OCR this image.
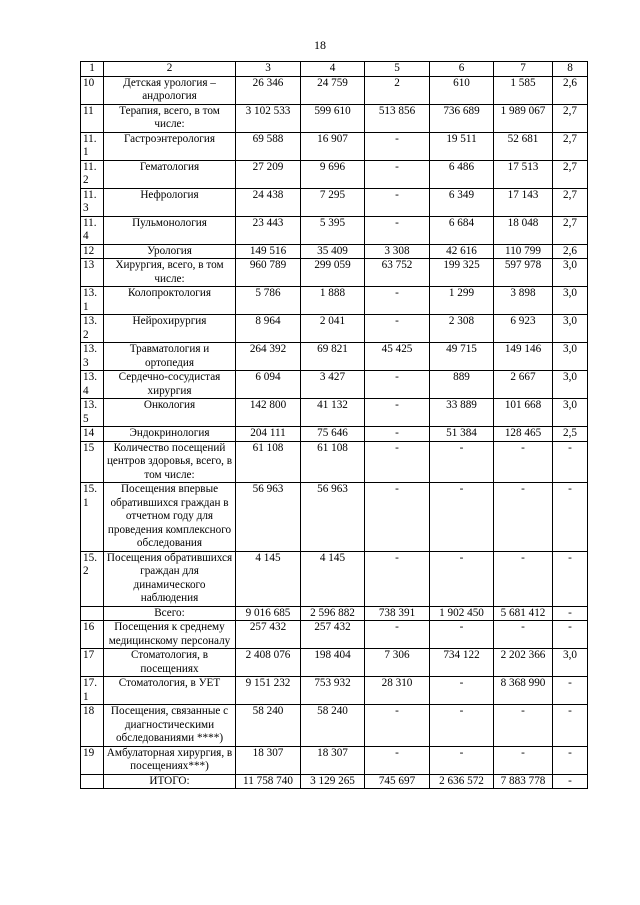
18
1	2	3	4	5	6	7	8
10	Детская урология – андрология	26 346	24 759	2	610	1 585	2,6
11	Терапия, всего, в том числе:	3 102 533	599 610	513 856	736 689	1 989 067	2,7
11.1	Гастроэнтерология	69 588	16 907	-	19 511	52 681	2,7
11.2	Гематология	27 209	9 696	-	6 486	17 513	2,7
11.3	Нефрология	24 438	7 295	-	6 349	17 143	2,7
11.4	Пульмонология	23 443	5 395	-	6 684	18 048	2,7
12	Урология	149 516	35 409	3 308	42 616	110 799	2,6
13	Хирургия, всего, в том числе:	960 789	299 059	63 752	199 325	597 978	3,0
13.1	Колопроктология	5 786	1 888	-	1 299	3 898	3,0
13.2	Нейрохирургия	8 964	2 041	-	2 308	6 923	3,0
13.3	Травматология и ортопедия	264 392	69 821	45 425	49 715	149 146	3,0
13.4	Сердечно-сосудистая хирургия	6 094	3 427	-	889	2 667	3,0
13.5	Онкология	142 800	41 132	-	33 889	101 668	3,0
14	Эндокринология	204 111	75 646	-	51 384	128 465	2,5
15	Количество посещений центров здоровья, всего, в том числе:	61 108	61 108	-	-	-	-
15.1	Посещения впервые обратившихся граждан в отчетном году для проведения комплексного обследования	56 963	56 963	-	-	-	-
15.2	Посещения обратившихся граждан для динамического наблюдения	4 145	4 145	-	-	-	-
	Всего:	9 016 685	2 596 882	738 391	1 902 450	5 681 412	-
16	Посещения к среднему медицинскому персоналу	257 432	257 432	-	-	-	-
17	Стоматология, в посещениях	2 408 076	198 404	7 306	734 122	2 202 366	3,0
17.1	Стоматология, в УЕТ	9 151 232	753 932	28 310	-	8 368 990	-
18	Посещения, связанные с диагностическими обследованиями ****)	58 240	58 240	-	-	-	-
19	Амбулаторная хирургия, в посещениях***)	18 307	18 307	-	-	-	-
	ИТОГО:	11 758 740	3 129 265	745 697	2 636 572	7 883 778	-
